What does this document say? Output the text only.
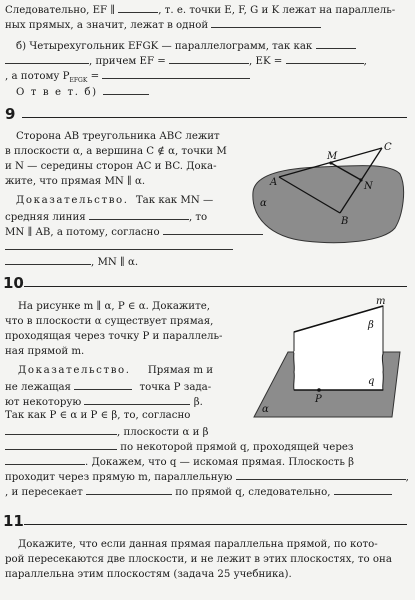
Следовательно, EF ∥	, т. е. точки E, F, G и K лежат на параллель-
ных прямых, а значит, лежат в одной
б) Четырехугольник EFGK — параллелограмм, так как
, причем EF =	, EK =	,
, а потому $P_{EFGK}$ =
О т в е т. б)
9
Сторона AB треугольника ABC лежит
в плоскости α, а вершина C ∉ α, точки M
и N — середины сторон AC и BC. Дока-
жите, что прямая MN ∥ α.
Доказательство. Так как MN —
средняя линия	, то
MN ∥ AB, а потому, согласно
, MN ∥ α.
C
M
A	N
B
α
10
На рисунке m ∥ α, P ∈ α. Докажите,
что в плоскости α существует прямая,
проходящая через точку P и параллель-
ная прямой m.
Доказательство. Прямая m и
не лежащая	точка P зада-
ют некоторую	β.
Так как P ∈ α и P ∈ β, то, согласно
, плоскости α и β
по некоторой прямой q, проходящей через
. Докажем, что q — искомая прямая. Плоскость β
проходит через прямую m, параллельную	,
, и пересекает	по прямой q, следовательно,
m
β
P
q
α
11
Докажите, что если данная прямая параллельна прямой, по кото-
рой пересекаются две плоскости, и не лежит в этих плоскостях, то она
параллельна этим плоскостям (задача 25 учебника).
